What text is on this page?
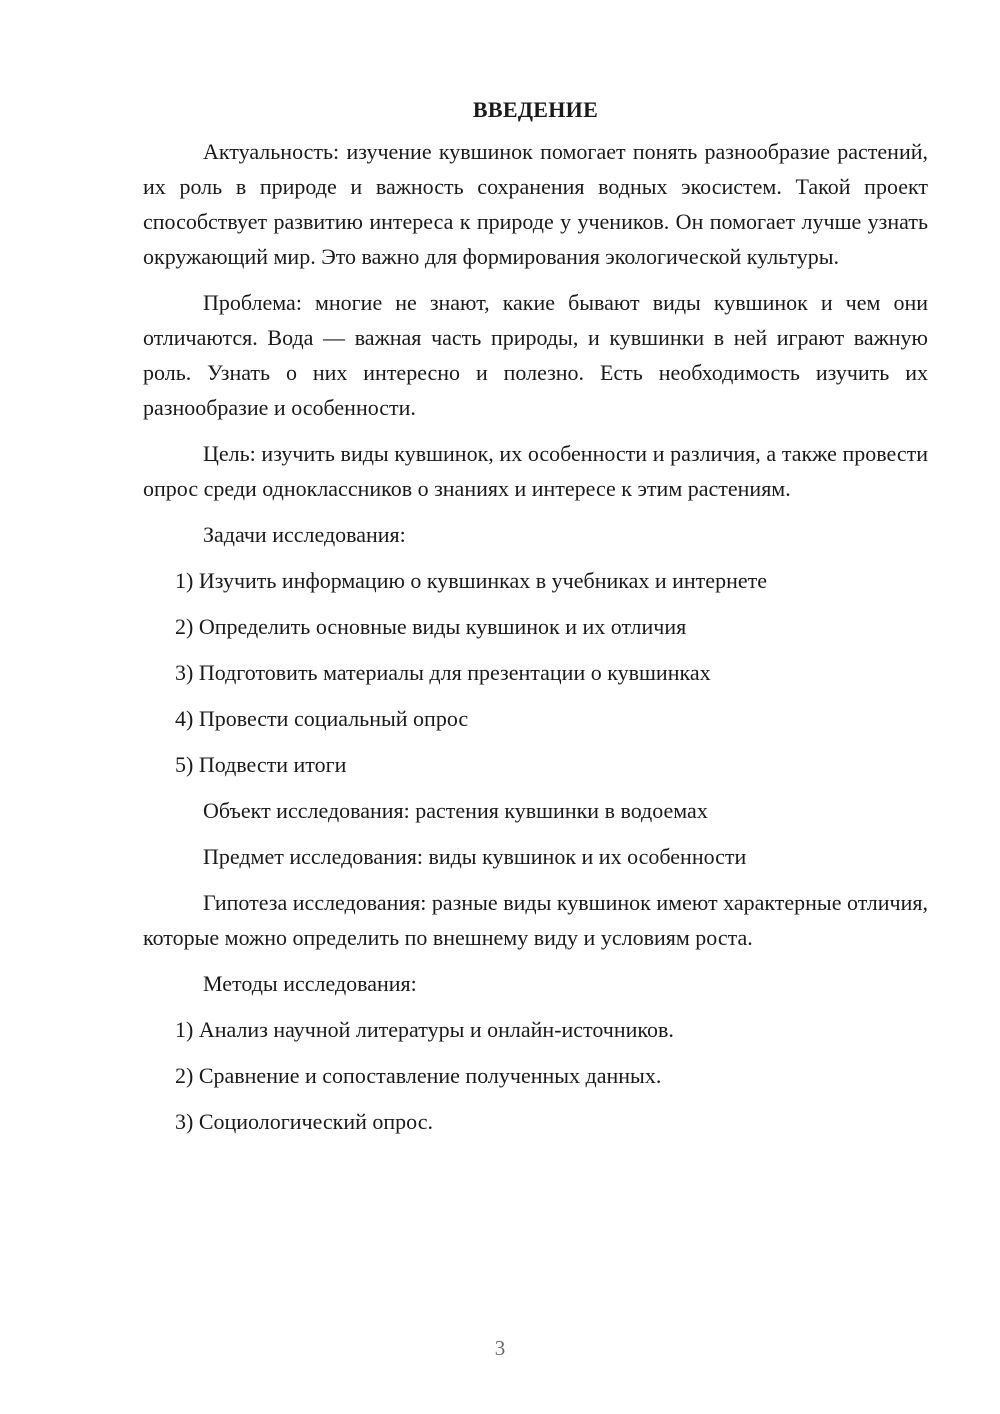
ВВЕДЕНИЕ

Актуальность: изучение кувшинок помогает понять разнообразие растений, их роль в природе и важность сохранения водных экосистем. Такой проект способствует развитию интереса к природе у учеников. Он помогает лучше узнать окружающий мир. Это важно для формирования экологической культуры.

Проблема: многие не знают, какие бывают виды кувшинок и чем они отличаются. Вода — важная часть природы, и кувшинки в ней играют важную роль. Узнать о них интересно и полезно. Есть необходимость изучить их разнообразие и особенности.

Цель: изучить виды кувшинок, их особенности и различия, а также провести опрос среди одноклассников о знаниях и интересе к этим растениям.

Задачи исследования:
1) Изучить информацию о кувшинках в учебниках и интернете
2) Определить основные виды кувшинок и их отличия
3) Подготовить материалы для презентации о кувшинках
4) Провести социальный опрос
5) Подвести итоги
Объект исследования: растения кувшинки в водоемах
Предмет исследования: виды кувшинок и их особенности

Гипотеза исследования: разные виды кувшинок имеют характерные отличия, которые можно определить по внешнему виду и условиям роста.

Методы исследования:
1) Анализ научной литературы и онлайн-источников.
2) Сравнение и сопоставление полученных данных.
3) Социологический опрос.
3
